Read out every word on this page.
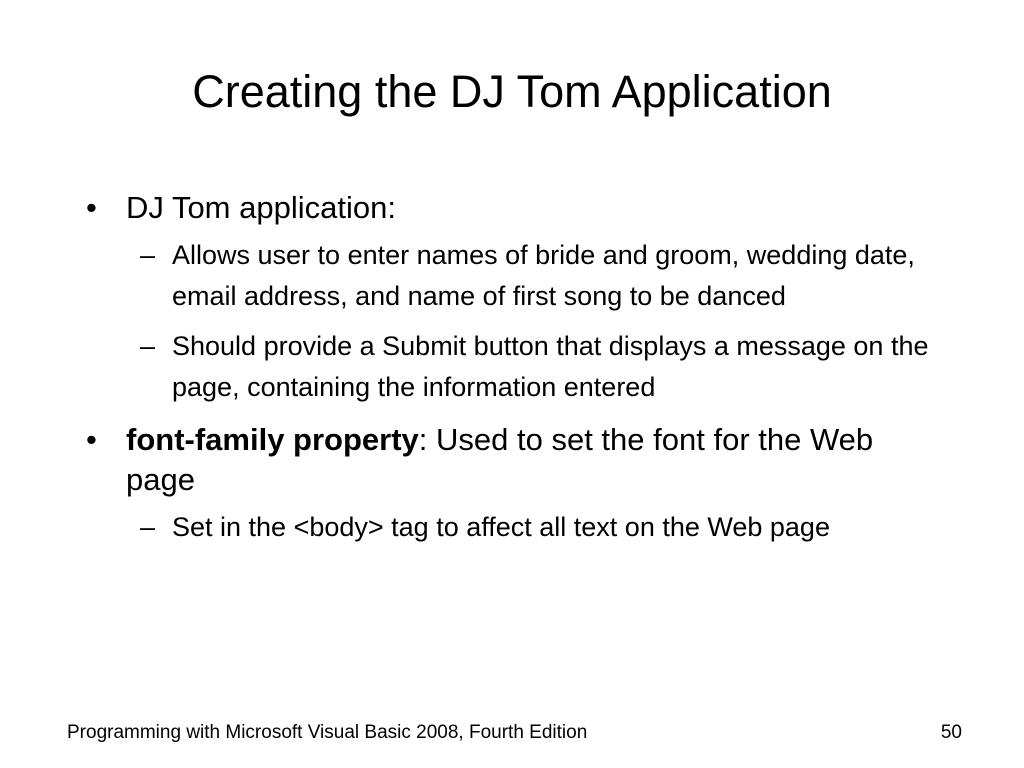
Creating the DJ Tom Application
• DJ Tom application:
– Allows user to enter names of bride and groom, wedding date, email address, and name of first song to be danced
– Should provide a Submit button that displays a message on the page, containing the information entered
• font-family property: Used to set the font for the Web page
– Set in the <body> tag to affect all text on the Web page
Programming with Microsoft Visual Basic 2008, Fourth Edition	50
